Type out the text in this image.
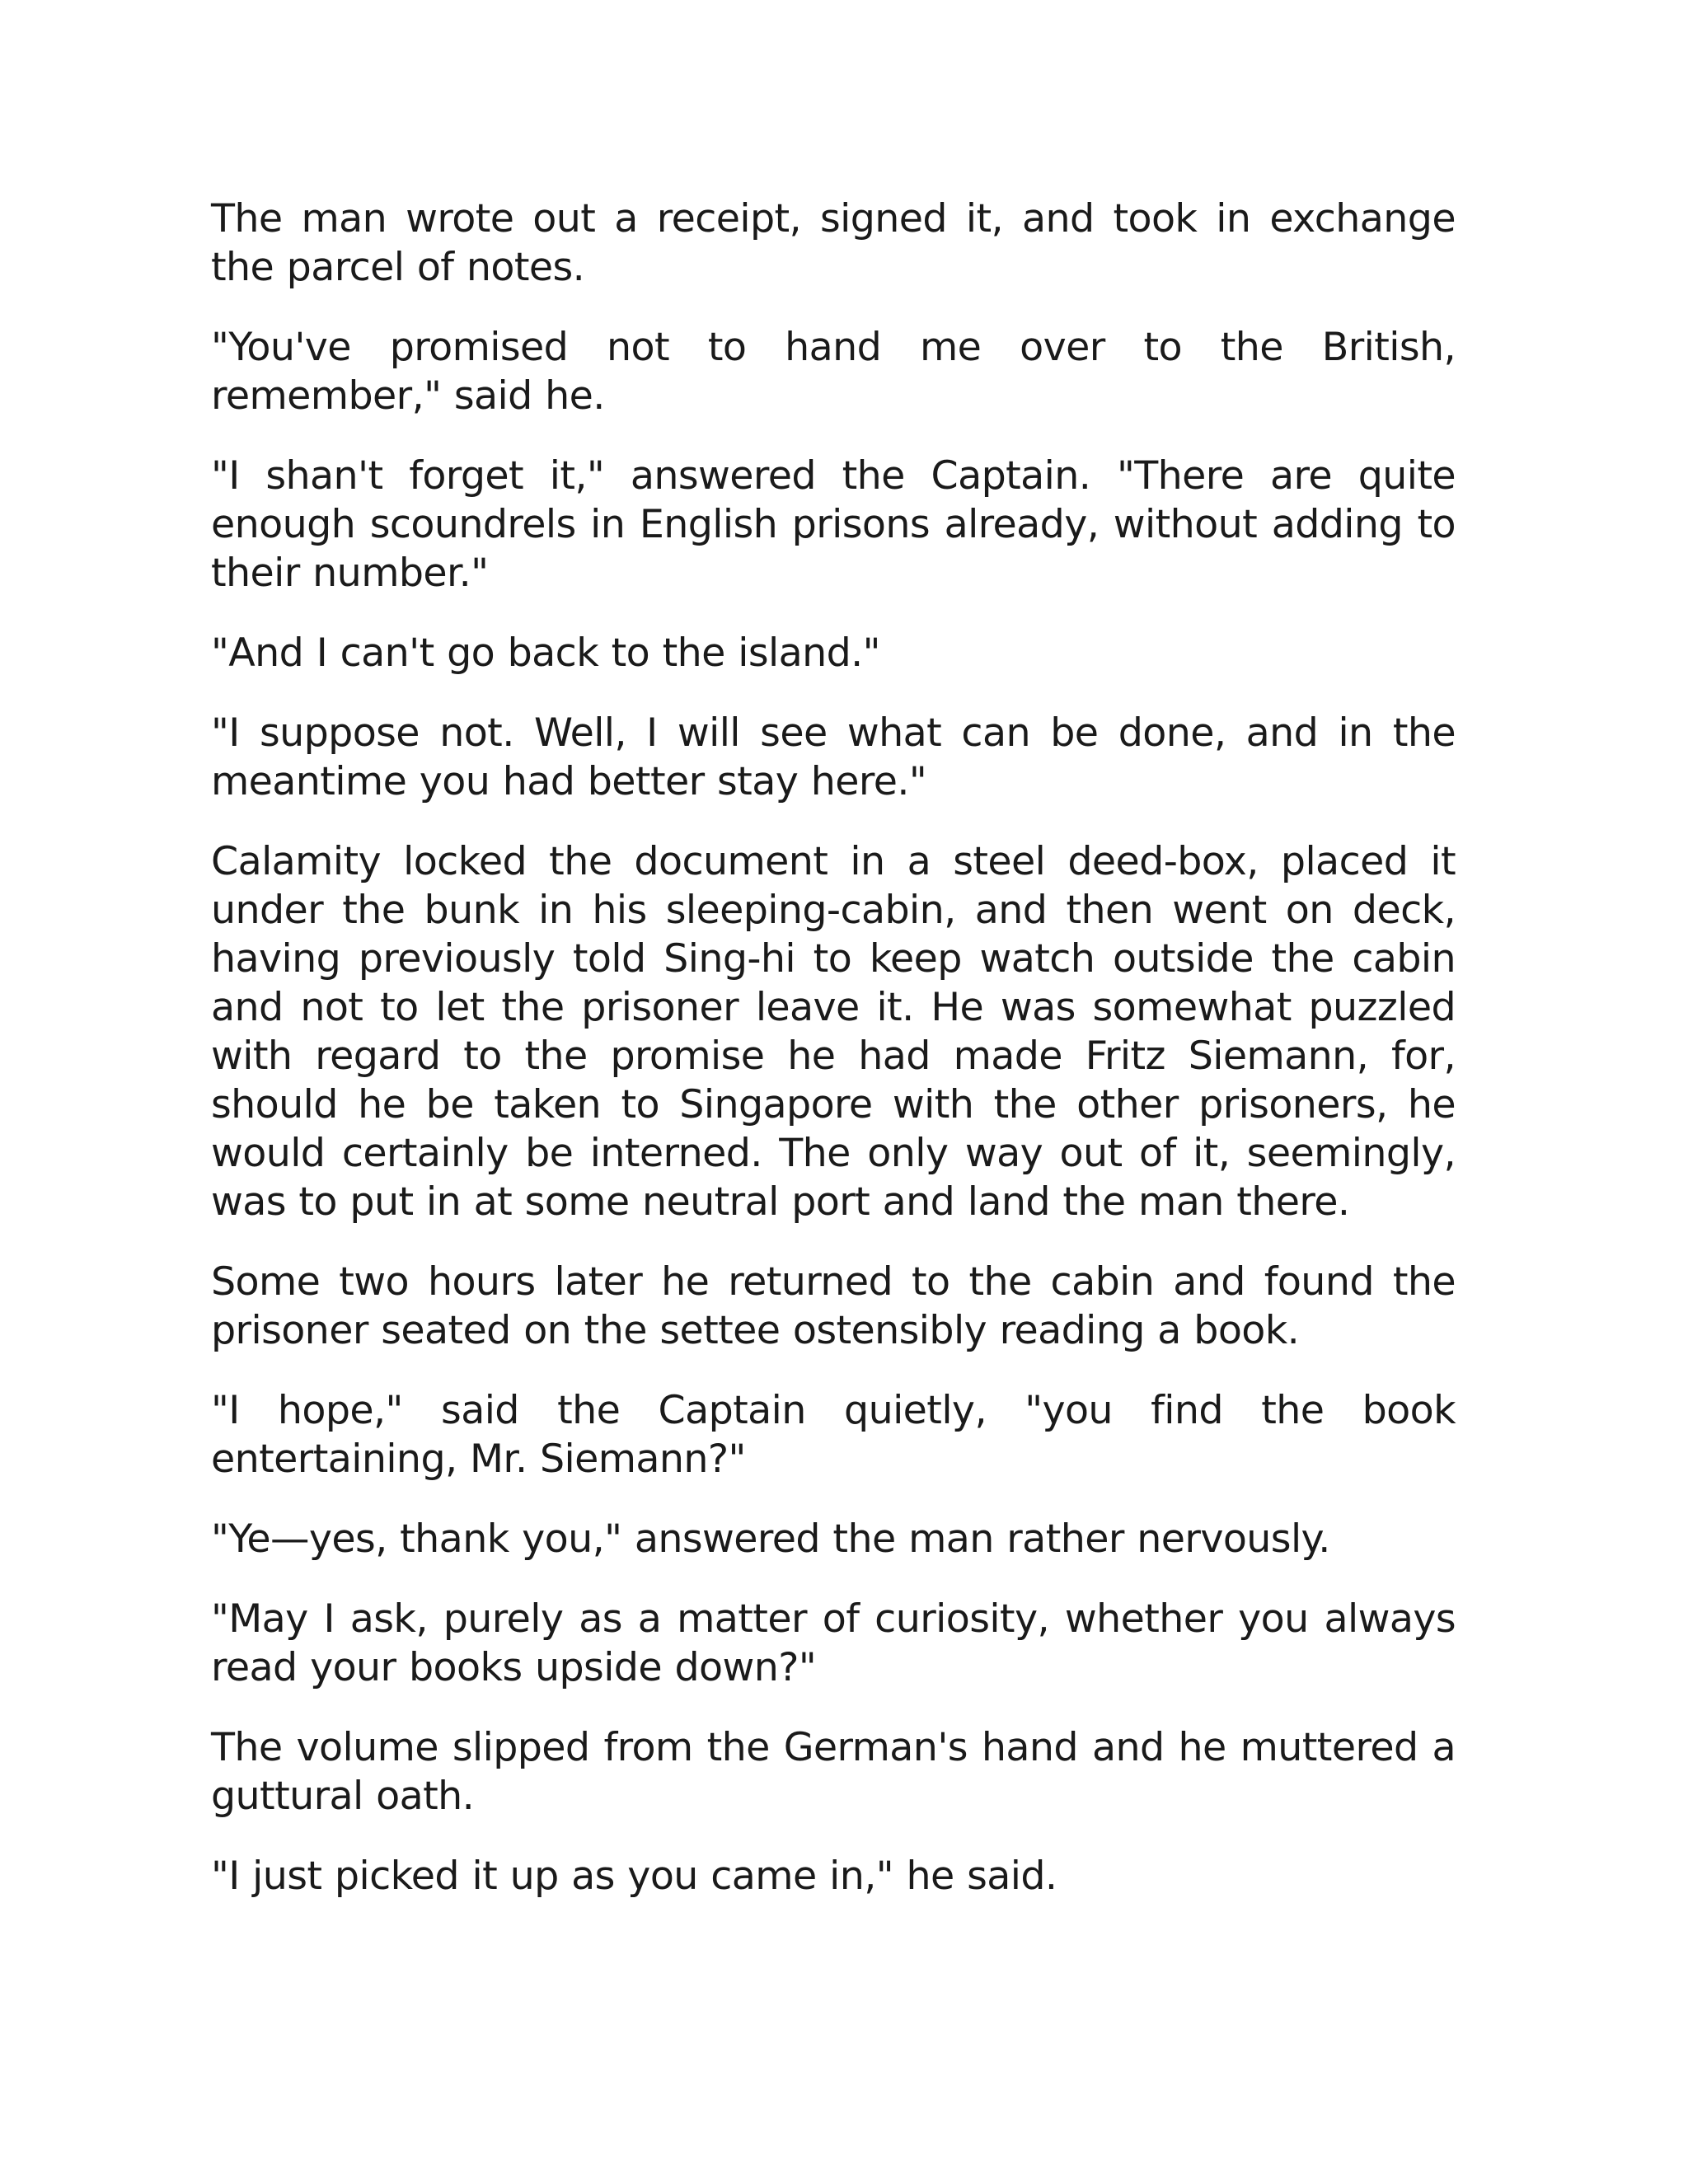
The man wrote out a receipt, signed it, and took in exchange the parcel of notes.

"You've promised not to hand me over to the British, remember," said he.

"I shan't forget it," answered the Captain. "There are quite enough scoundrels in English prisons already, without adding to their number."

"And I can't go back to the island."

"I suppose not. Well, I will see what can be done, and in the meantime you had better stay here."

Calamity locked the document in a steel deed-box, placed it under the bunk in his sleeping-cabin, and then went on deck, having previously told Sing-hi to keep watch outside the cabin and not to let the prisoner leave it. He was somewhat puzzled with regard to the promise he had made Fritz Siemann, for, should he be taken to Singapore with the other prisoners, he would certainly be interned. The only way out of it, seemingly, was to put in at some neutral port and land the man there.

Some two hours later he returned to the cabin and found the prisoner seated on the settee ostensibly reading a book.

"I hope," said the Captain quietly, "you find the book entertaining, Mr. Siemann?"

"Ye—yes, thank you," answered the man rather nervously.

"May I ask, purely as a matter of curiosity, whether you always read your books upside down?"

The volume slipped from the German's hand and he muttered a guttural oath.

"I just picked it up as you came in," he said.
